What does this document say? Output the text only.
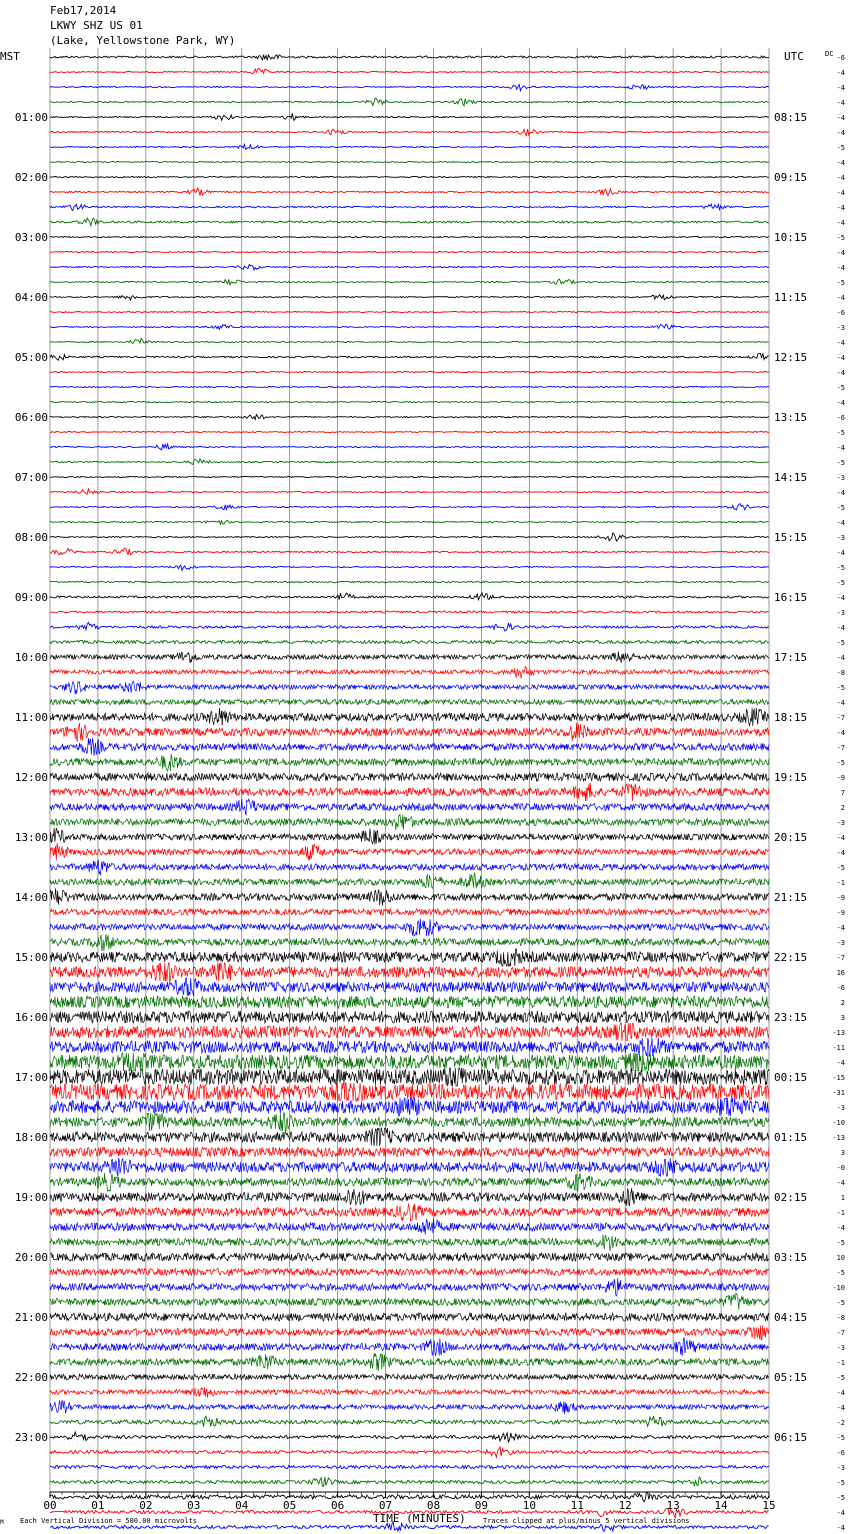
Feb17,2014
LKWY SHZ US 01
(Lake, Yellowstone Park, WY)
00	01	02	03	04	05	06	07	08	09	10	11	12	13	14	15
-6
-4
-4
-4
-4
-4
-5
-4
-4
-4
-4
-4
-5
-4
-4
-5
-4
-6
-3
-4
-4
-4
-5
-4
-6
-5
-4
-5
-3
-4
-5
-4
-3
-4
-5
-5
-4
-3
-4
-5
-4
-8
-5
-4
-7
-4
-7
-5
-9
7
2
-3
-4
-4
-5
-1
-9
-9
-4
-3
-7
16
-6
2
3
-13
-11
-4
-15
-31
-3
-10
-13
3
-0
-4
1
-1
-4
-5
10
-5
-10
-5
-8
-7
-3
-1
-5
-4
-4
-2
-5
-6
-3
-5
-5
-4
-4
01:00	08:15
02:00	09:15
03:00	10:15
04:00	11:15
05:00	12:15
06:00	13:15
07:00	14:15
08:00	15:15
09:00	16:15
10:00	17:15
11:00	18:15
12:00	19:15
13:00	20:15
14:00	21:15
15:00	22:15
16:00	23:15
17:00	00:15
18:00	01:15
19:00	02:15
20:00	03:15
21:00	04:15
22:00	05:15
23:00	06:15
MST	UTC	DC
TIME (MINUTES)
Each Vertical Division = 500.00 microvolts	Traces clipped at plus/minus 5 vertical divisions
M
